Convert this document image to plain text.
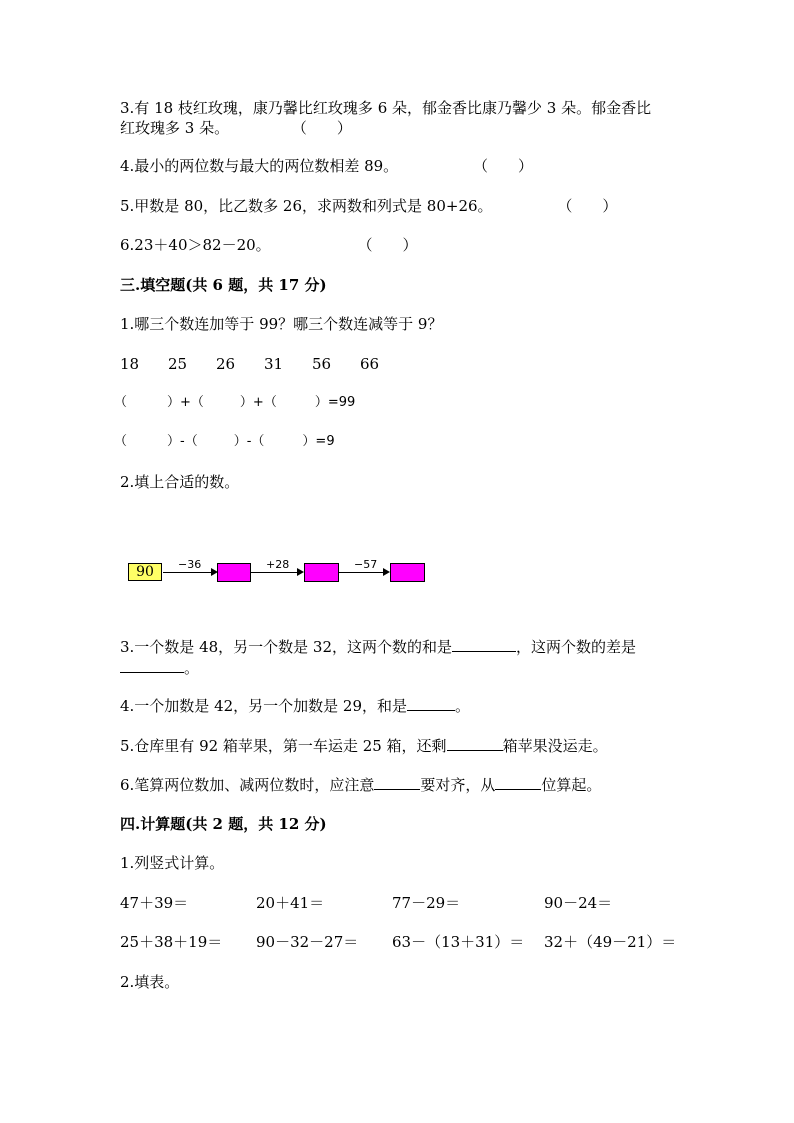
3.有 18 枝红玫瑰，康乃馨比红玫瑰多 6 朵，郁金香比康乃馨少 3 朵。郁金香比
红玫瑰多 3 朵。	（　　）
4.最小的两位数与最大的两位数相差 89。	（　　）
5.甲数是 80，比乙数多 26，求两数和列式是 80+26。	（　　）
6.23＋40＞82－20。	（　　）
三.填空题(共 6 题，共 17 分)
1.哪三个数连加等于 99？哪三个数连减等于 9？
18 25 26 31 56 66
（	）+（	）+（	）=99
（	）-（	）-（	）=9
2.填上合适的数。
90	−36	+28	−57
3.一个数是 48，另一个数是 32，这两个数的和是	，这两个数的差是
。
4.一个加数是 42，另一个加数是 29，和是	。
5.仓库里有 92 箱苹果，第一车运走 25 箱，还剩	箱苹果没运走。
6.笔算两位数加、减两位数时，应注意	要对齐，从	位算起。
四.计算题(共 2 题，共 12 分)
1.列竖式计算。
47＋39＝	20＋41＝	77－29＝	90－24＝
25＋38＋19＝ 90－32－27＝ 63－（13＋31）＝ 32＋（49－21）＝
2.填表。
